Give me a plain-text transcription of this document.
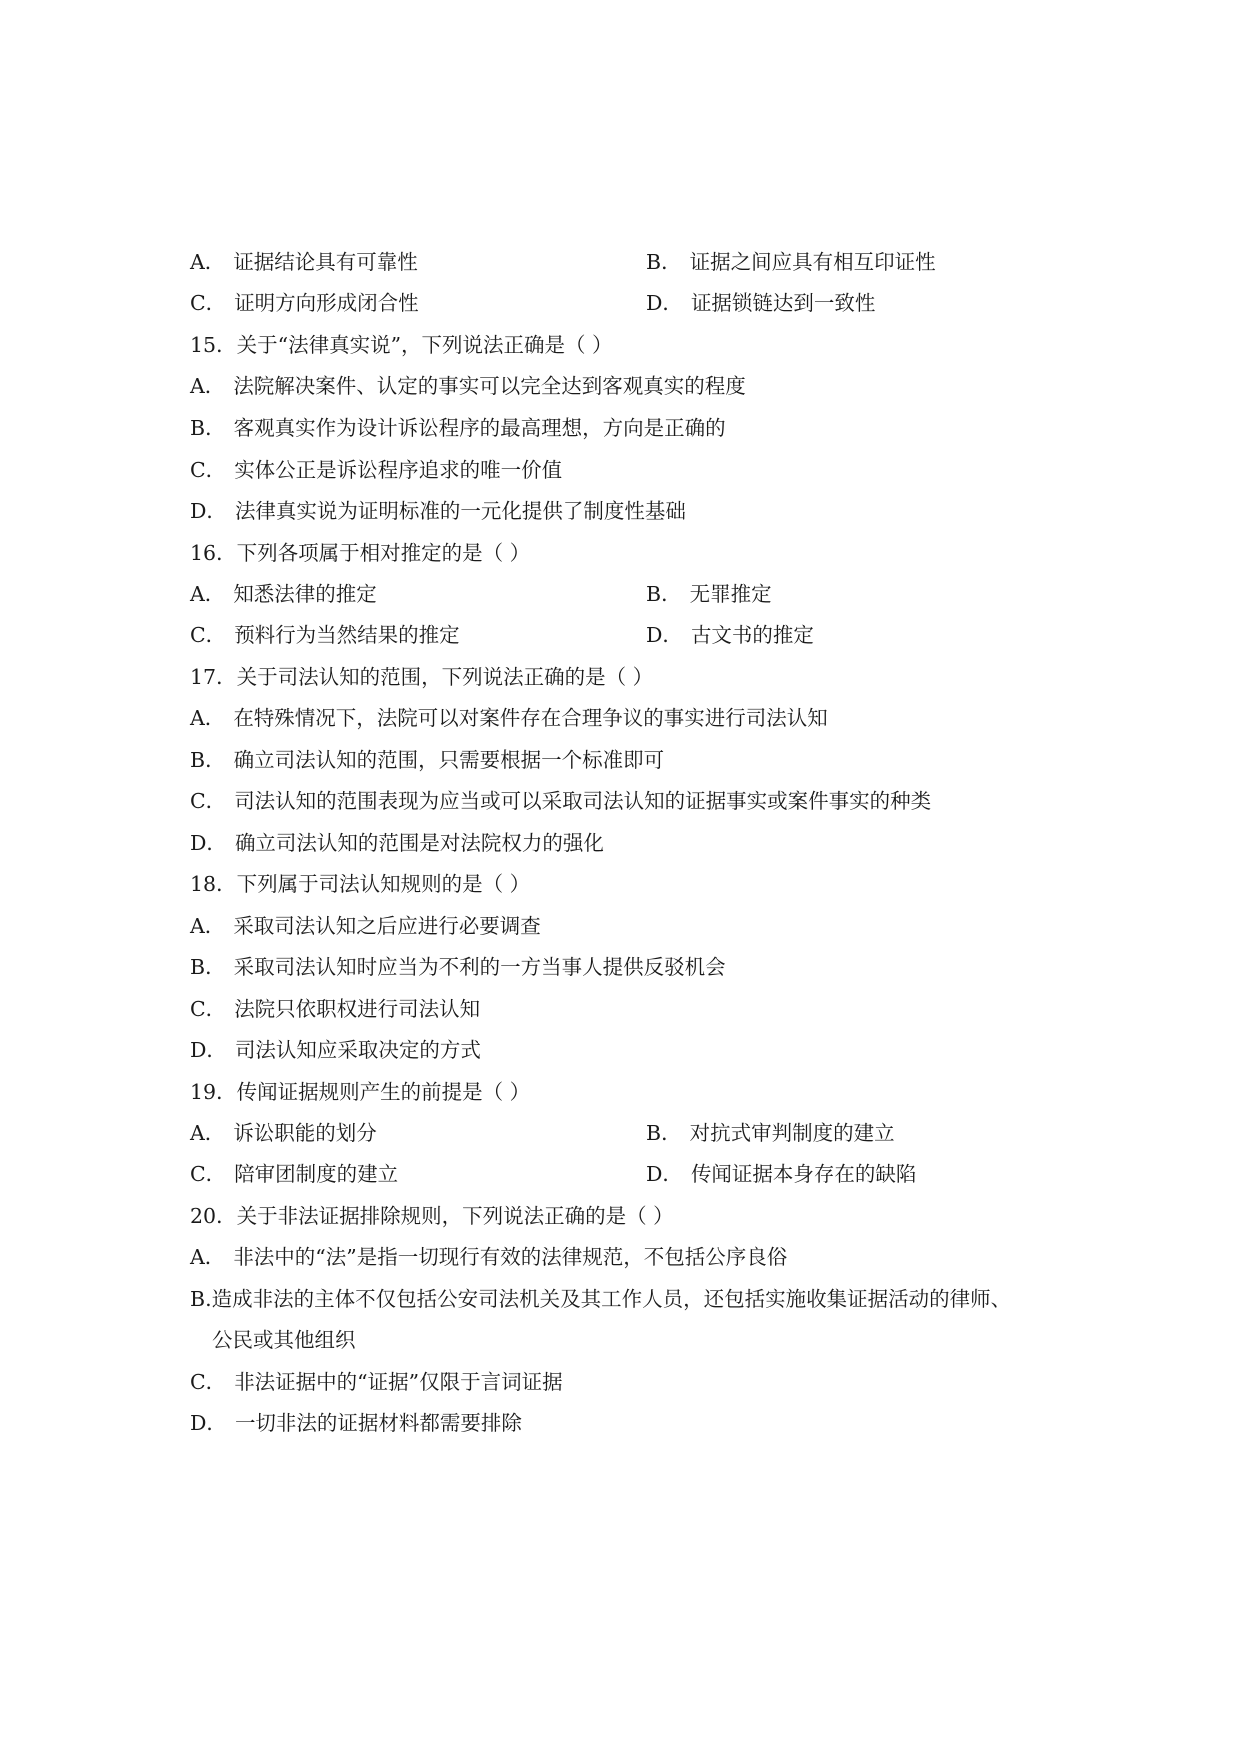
A． 证据结论具有可靠性	B． 证据之间应具有相互印证性
C． 证明方向形成闭合性	D． 证据锁链达到一致性
15．关于“法律真实说”，下列说法正确是（ ）
A． 法院解决案件、认定的事实可以完全达到客观真实的程度
B． 客观真实作为设计诉讼程序的最高理想，方向是正确的
C． 实体公正是诉讼程序追求的唯一价值
D． 法律真实说为证明标准的一元化提供了制度性基础
16．下列各项属于相对推定的是（ ）
A． 知悉法律的推定	B． 无罪推定
C． 预料行为当然结果的推定	D． 古文书的推定
17．关于司法认知的范围，下列说法正确的是（ ）
A． 在特殊情况下，法院可以对案件存在合理争议的事实进行司法认知
B． 确立司法认知的范围，只需要根据一个标准即可
C． 司法认知的范围表现为应当或可以采取司法认知的证据事实或案件事实的种类
D． 确立司法认知的范围是对法院权力的强化
18．下列属于司法认知规则的是（ ）
A． 采取司法认知之后应进行必要调查
B． 采取司法认知时应当为不利的一方当事人提供反驳机会
C． 法院只依职权进行司法认知
D． 司法认知应采取决定的方式
19．传闻证据规则产生的前提是（ ）
A． 诉讼职能的划分	B． 对抗式审判制度的建立
C． 陪审团制度的建立	D． 传闻证据本身存在的缺陷
20．关于非法证据排除规则，下列说法正确的是（ ）
A． 非法中的“法”是指一切现行有效的法律规范，不包括公序良俗
B.造成非法的主体不仅包括公安司法机关及其工作人员，还包括实施收集证据活动的律师、
公民或其他组织
C． 非法证据中的“证据”仅限于言词证据
D． 一切非法的证据材料都需要排除
